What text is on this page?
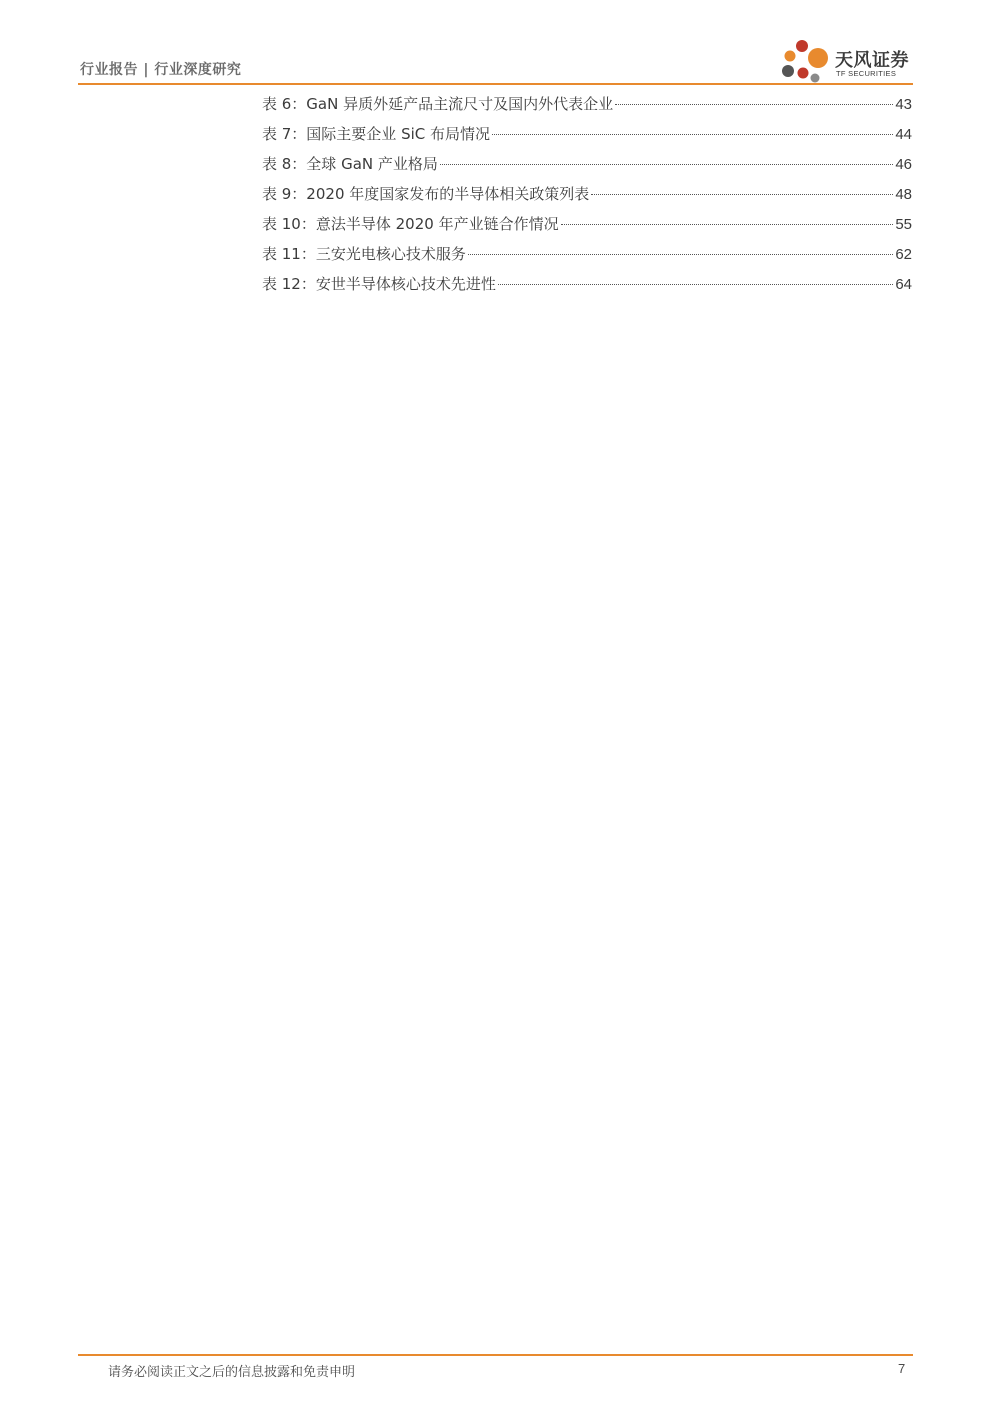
行业报告 | 行业深度研究	天风证券
TF SECURITIES
表 6：GaN 异质外延产品主流尺寸及国内外代表企业	43
表 7：国际主要企业 SiC 布局情况	44
表 8：全球 GaN 产业格局	46
表 9：2020 年度国家发布的半导体相关政策列表	48
表 10：意法半导体 2020 年产业链合作情况	55
表 11：三安光电核心技术服务	62
表 12：安世半导体核心技术先进性	64
请务必阅读正文之后的信息披露和免责申明	7
